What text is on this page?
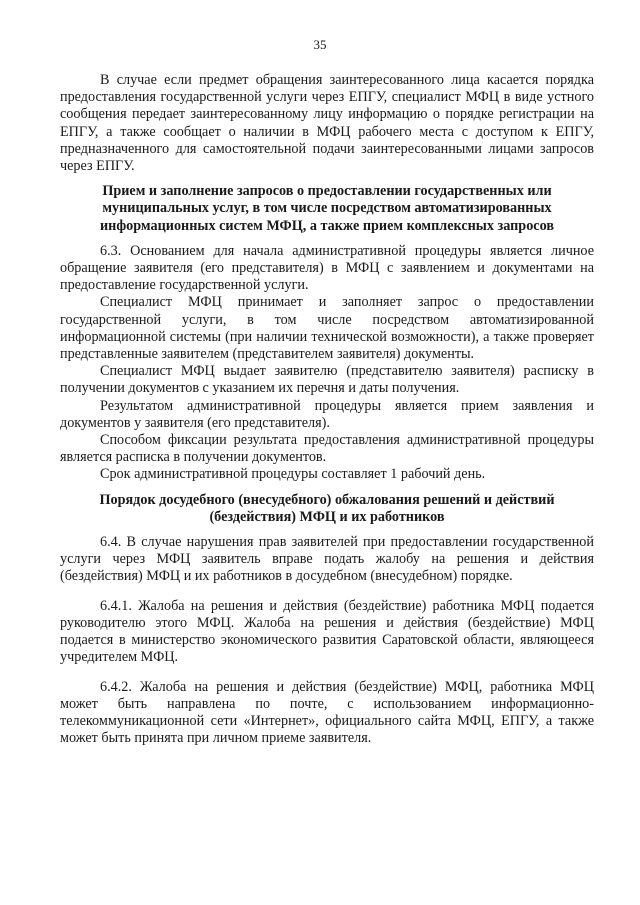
35

В случае если предмет обращения заинтересованного лица касается порядка предоставления государственной услуги через ЕПГУ, специалист МФЦ в виде устного сообщения передает заинтересованному лицу информацию о порядке регистрации на ЕПГУ, а также сообщает о наличии в МФЦ рабочего места с доступом к ЕПГУ, предназначенного для самостоятельной подачи заинтересованными лицами запросов через ЕПГУ.

Прием и заполнение запросов о предоставлении государственных или муниципальных услуг, в том числе посредством автоматизированных информационных систем МФЦ, а также прием комплексных запросов

6.3. Основанием для начала административной процедуры является личное обращение заявителя (его представителя) в МФЦ с заявлением и документами на предоставление государственной услуги.

Специалист МФЦ принимает и заполняет запрос о предоставлении государственной услуги, в том числе посредством автоматизированной информационной системы (при наличии технической возможности), а также проверяет представленные заявителем (представителем заявителя) документы.

Специалист МФЦ выдает заявителю (представителю заявителя) расписку в получении документов с указанием их перечня и даты получения.

Результатом административной процедуры является прием заявления и документов у заявителя (его представителя).

Способом фиксации результата предоставления административной процедуры является расписка в получении документов.

Срок административной процедуры составляет 1 рабочий день.

Порядок досудебного (внесудебного) обжалования решений и действий (бездействия) МФЦ и их работников

6.4. В случае нарушения прав заявителей при предоставлении государственной услуги через МФЦ заявитель вправе подать жалобу на решения и действия (бездействия) МФЦ и их работников в досудебном (внесудебном) порядке.

6.4.1. Жалоба на решения и действия (бездействие) работника МФЦ подается руководителю этого МФЦ. Жалоба на решения и действия (бездействие) МФЦ подается в министерство экономического развития Саратовской области, являющееся учредителем МФЦ.

6.4.2. Жалоба на решения и действия (бездействие) МФЦ, работника МФЦ может быть направлена по почте, с использованием информационно-телекоммуникационной сети «Интернет», официального сайта МФЦ, ЕПГУ, а также может быть принята при личном приеме заявителя.
